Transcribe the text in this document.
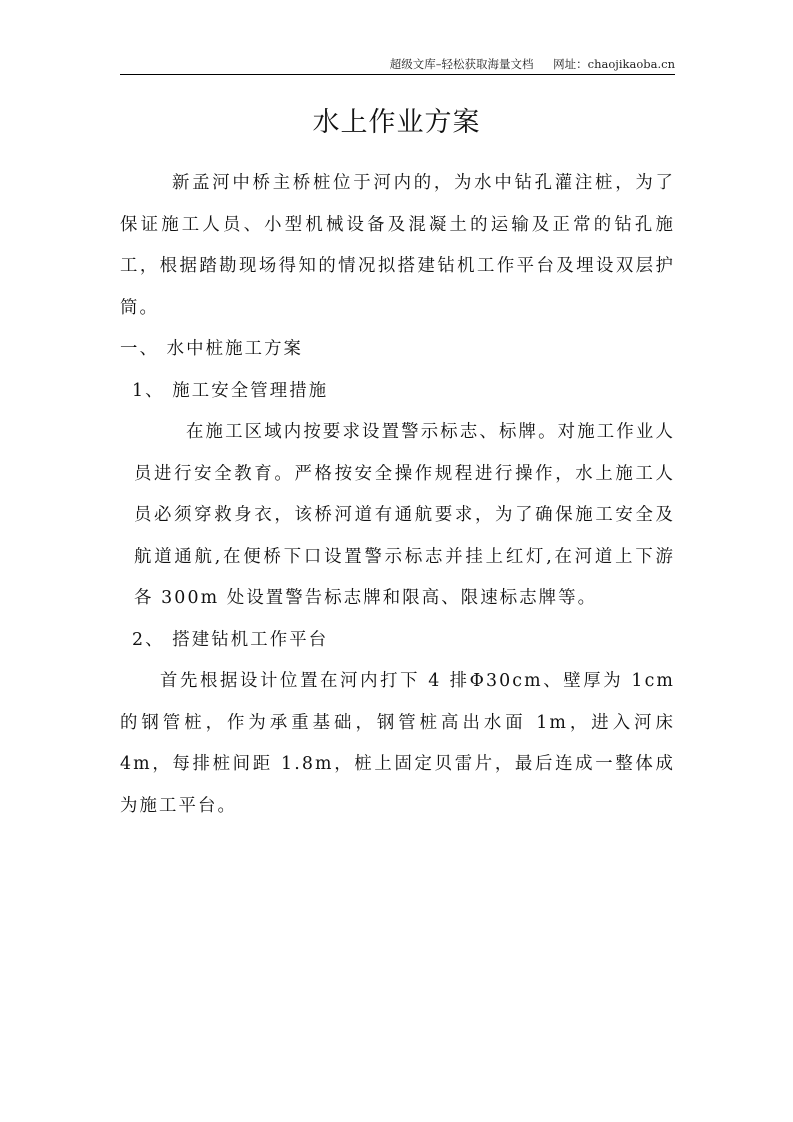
超级文库–轻松获取海量文档 网址：chaojikaoba.cn
水上作业方案

新孟河中桥主桥桩位于河内的，为水中钻孔灌注桩，为了保证施工人员、小型机械设备及混凝土的运输及正常的钻孔施工，根据踏勘现场得知的情况拟搭建钻机工作平台及埋设双层护筒。

一、 水中桩施工方案

1、 施工安全管理措施

在施工区域内按要求设置警示标志、标牌。对施工作业人员进行安全教育。严格按安全操作规程进行操作，水上施工人员必须穿救身衣，该桥河道有通航要求，为了确保施工安全及航道通航,在便桥下口设置警示标志并挂上红灯,在河道上下游各 300m 处设置警告标志牌和限高、限速标志牌等。

2、 搭建钻机工作平台

首先根据设计位置在河内打下 4 排Φ30cm、壁厚为 1cm 的钢管桩，作为承重基础，钢管桩高出水面 1m，进入河床 4m，每排桩间距 1.8m，桩上固定贝雷片，最后连成一整体成为施工平台。
